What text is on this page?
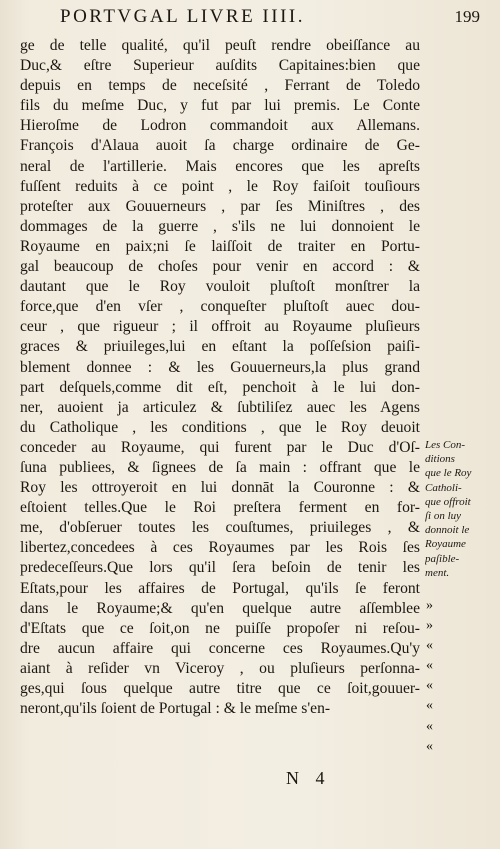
PORTVGAL LIVRE IIII.	199
ge de telle qualité, qu'il peuſt rendre obeiſſance au
Duc,& eſtre Superieur auſdits Capitaines:bien que
depuis en temps de neceſsité , Ferrant de Toledo
fils du meſme Duc, y fut par lui premis. Le Conte
Hieroſme de Lodron commandoit aux Allemans.
François d'Alaua auoit ſa charge ordinaire de Ge-
neral de l'artillerie. Mais encores que les apreſts
fuſſent reduits à ce point , le Roy faiſoit touſiours
proteſter aux Gouuerneurs , par ſes Miniſtres , des
dommages de la guerre , s'ils ne lui donnoient le
Royaume en paix;ni ſe laiſſoit de traiter en Portu-
gal beaucoup de choſes pour venir en accord : &
dautant que le Roy vouloit pluſtoſt monſtrer la
force,que d'en vſer , conqueſter pluſtoſt auec dou-
ceur , que rigueur ; il offroit au Royaume pluſieurs
graces & priuileges,lui en eſtant la poſſeſsion paiſi-
blement donnee : & les Gouuerneurs,la plus grand
part deſquels,comme dit eſt, penchoit à le lui don-
ner, auoient ja articulez & ſubtiliſez auec les Agens
du Catholique , les conditions , que le Roy deuoit
conceder au Royaume, qui furent par le Duc d'Oſ-
ſuna publiees, & ſignees de ſa main : offrant que le
Roy les ottroyeroit en lui donnāt la Couronne : &
eſtoient telles.Que le Roi preſtera ferment en for-
me, d'obſeruer toutes les couſtumes, priuileges , &
libertez,concedees à ces Royaumes par les Rois ſes
predeceſſeurs.Que lors qu'il ſera beſoin de tenir les
Eſtats,pour les affaires de Portugal, qu'ils ſe feront
dans le Royaume;& qu'en quelque autre aſſemblee
d'Eſtats que ce ſoit,on ne puiſſe propoſer ni reſou-
dre aucun affaire qui concerne ces Royaumes.Qu'y
aiant à reſider vn Viceroy , ou pluſieurs perſonna-
ges,qui ſous quelque autre titre que ce ſoit,gouuer-
neront,qu'ils ſoient de Portugal : & le meſme s'en-
Les Con-
ditions
que le Roy
Catholi-
que offroit
ſi on luy
donnoit le
Royaume
paſible-
ment.
»
»
«
«
«
«
«
«
N 4
